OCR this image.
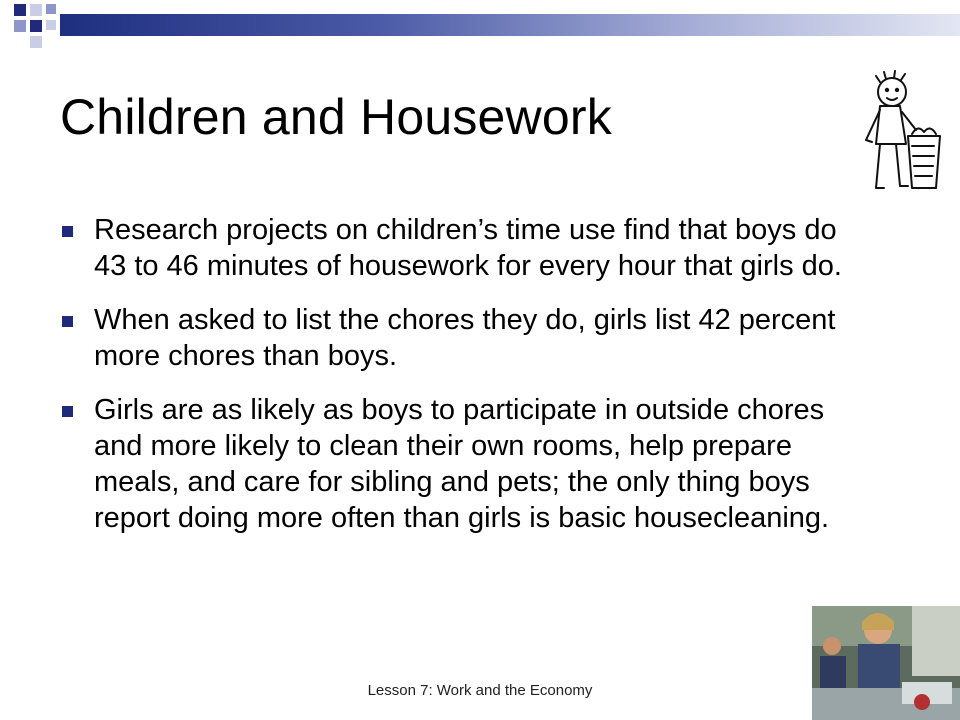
Children and Housework
Research projects on children’s time use find that boys do 43 to 46 minutes of housework for every hour that girls do.
When asked to list the chores they do, girls list 42 percent more chores than boys.
Girls are as likely as boys to participate in outside chores and more likely to clean their own rooms, help prepare meals, and care for sibling and pets; the only thing boys report doing more often than girls is basic housecleaning.
Lesson 7: Work and the Economy
